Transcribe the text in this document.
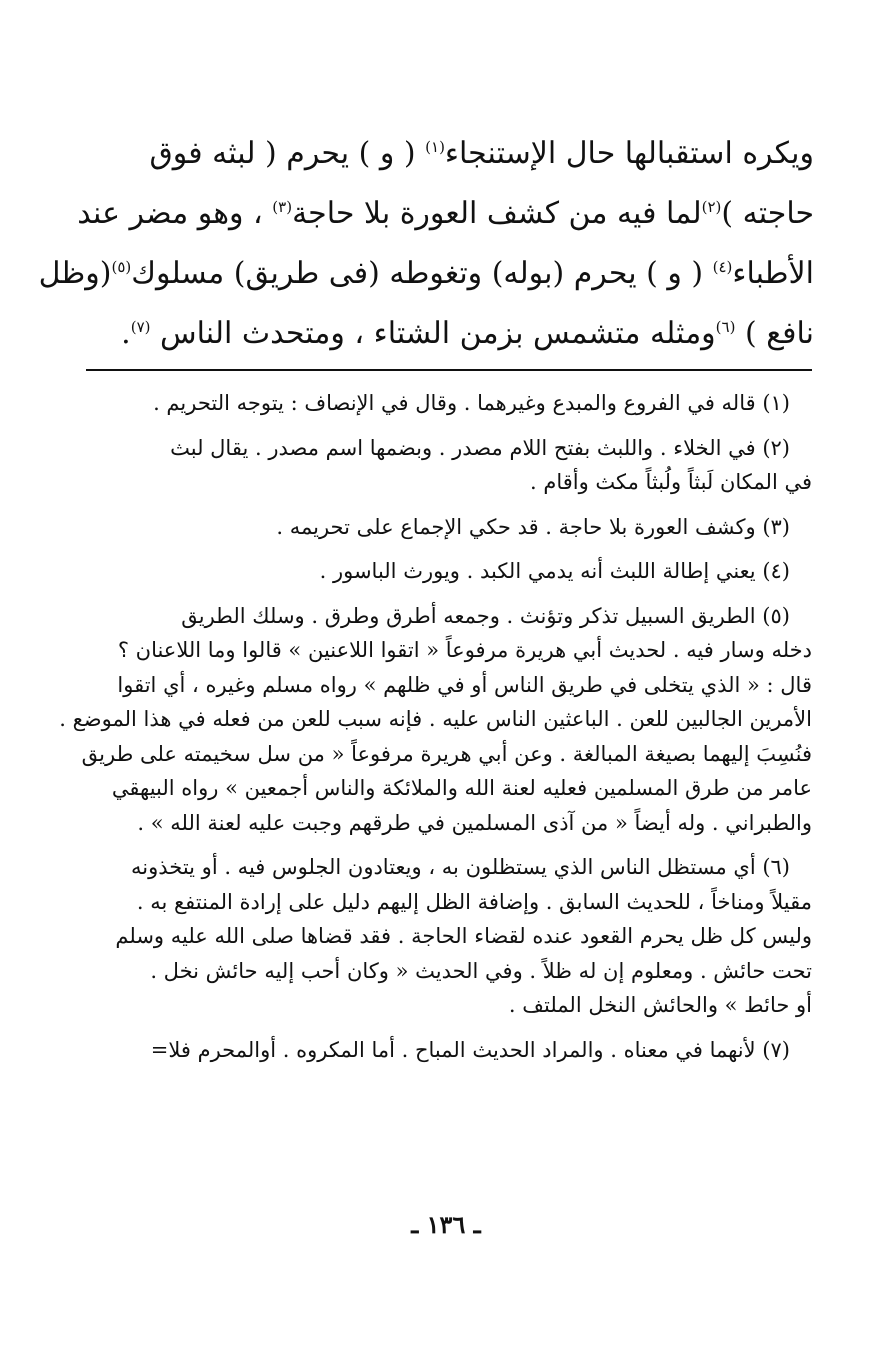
ويكره استقبالها حال الإستنجاء$^{(١)}$ ( و ) يحرم ( لبثه فوق
حاجته )$^{(٢)}$لما فيه من كشف العورة بلا حاجة$^{(٣)}$ ، وهو مضر عند
الأطباء$^{(٤)}$ ( و ) يحرم (بوله) وتغوطه (فى طريق) مسلوك$^{(٥)}$(وظل
نافع ) $^{(٦)}$ومثله متشمس بزمن الشتاء ، ومتحدث الناس $^{(٧)}$.
(١) قاله في الفروع والمبدع وغيرهما . وقال في الإنصاف : يتوجه التحريم .
(٢) في الخلاء . واللبث بفتح اللام مصدر . وبضمها اسم مصدر . يقال لبث
في المكان لَبثاً ولُبثاً مكث وأقام .
(٣) وكشف العورة بلا حاجة . قد حكي الإجماع على تحريمه .
(٤) يعني إطالة اللبث أنه يدمي الكبد . ويورث الباسور .
(٥) الطريق السبيل تذكر وتؤنث . وجمعه أطرق وطرق . وسلك الطريق
دخله وسار فيه . لحديث أبي هريرة مرفوعاً « اتقوا اللاعنين » قالوا وما اللاعنان ؟
قال : « الذي يتخلى في طريق الناس أو في ظلهم » رواه مسلم وغيره ، أي اتقوا
الأمرين الجالبين للعن . الباعثين الناس عليه . فإنه سبب للعن من فعله في هذا الموضع .
فنُسِبَ إليهما بصيغة المبالغة . وعن أبي هريرة مرفوعاً « من سل سخيمته على طريق
عامر من طرق المسلمين فعليه لعنة الله والملائكة والناس أجمعين » رواه البيهقي
والطبراني . وله أيضاً « من آذى المسلمين في طرقهم وجبت عليه لعنة الله » .
(٦) أي مستظل الناس الذي يستظلون به ، ويعتادون الجلوس فيه . أو يتخذونه
مقيلاً ومناخاً ، للحديث السابق . وإضافة الظل إليهم دليل على إرادة المنتفع به .
وليس كل ظل يحرم القعود عنده لقضاء الحاجة . فقد قضاها صلى الله عليه وسلم
تحت حائش . ومعلوم إن له ظلاً . وفي الحديث « وكان أحب إليه حائش نخل .
أو حائط » والحائش النخل الملتف .
(٧) لأنهما في معناه . والمراد الحديث المباح . أما المكروه . أوالمحرم فلا=
ـ ١٣٦ ـ
